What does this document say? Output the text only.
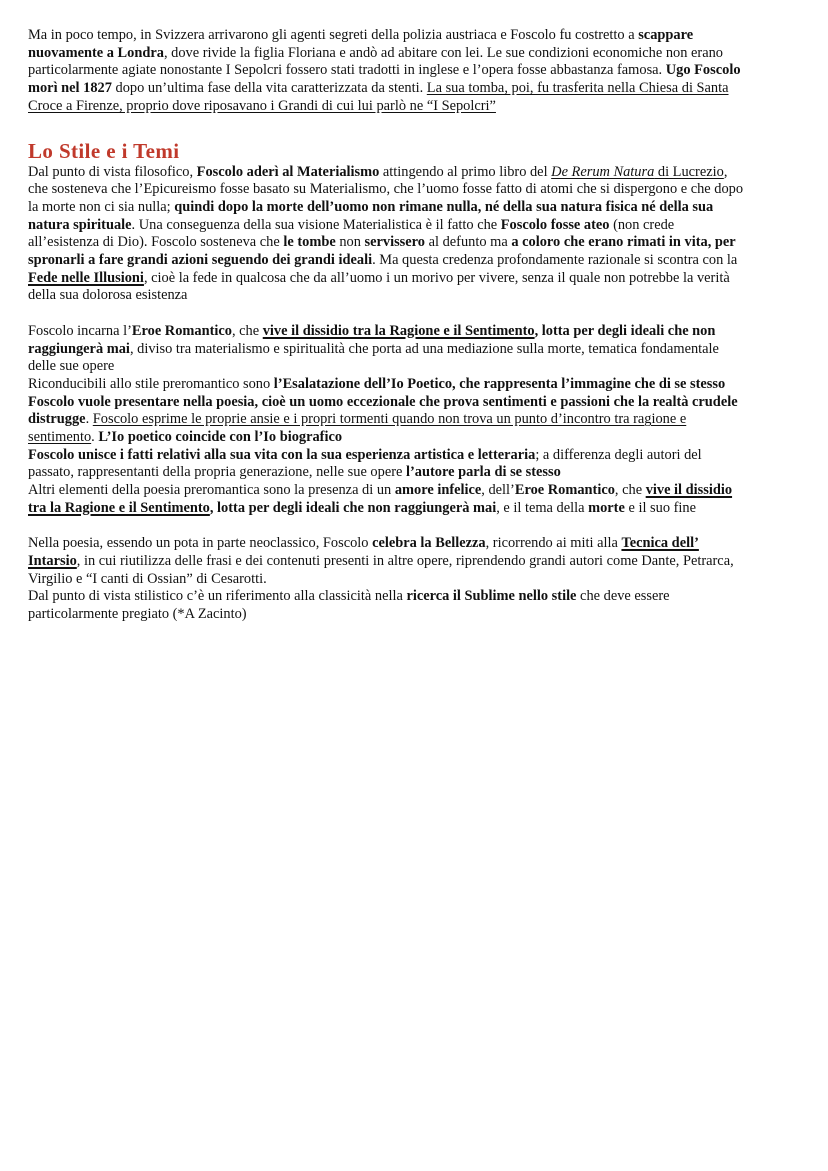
Ma in poco tempo, in Svizzera arrivarono gli agenti segreti della polizia austriaca e Foscolo fu costretto a scappare nuovamente a Londra, dove rivide la figlia Floriana e andò ad abitare con lei. Le sue condizioni economiche non erano particolarmente agiate nonostante I Sepolcri fossero stati tradotti in inglese e l’opera fosse abbastanza famosa. Ugo Foscolo morì nel 1827 dopo un’ultima fase della vita caratterizzata da stenti. La sua tomba, poi, fu trasferita nella Chiesa di Santa Croce a Firenze, proprio dove riposavano i Grandi di cui lui parlò ne “I Sepolcri”

Lo Stile e i Temi

Dal punto di vista filosofico, Foscolo aderì al Materialismo attingendo al primo libro del De Rerum Natura di Lucrezio, che sosteneva che l’Epicureismo fosse basato su Materialismo, che l’uomo fosse fatto di atomi che si dispergono e che dopo la morte non ci sia nulla; quindi dopo la morte dell’uomo non rimane nulla, né della sua natura fisica né della sua natura spirituale. Una conseguenza della sua visione Materialistica è il fatto che Foscolo fosse ateo (non crede all’esistenza di Dio). Foscolo sosteneva che le tombe non servissero al defunto ma a coloro che erano rimati in vita, per spronarli a fare grandi azioni seguendo dei grandi ideali. Ma questa credenza profondamente razionale si scontra con la Fede nelle Illusioni, cioè la fede in qualcosa che da all’uomo i un morivo per vivere, senza il quale non potrebbe la verità della sua dolorosa esistenza

Foscolo incarna l’Eroe Romantico, che vive il dissidio tra la Ragione e il Sentimento, lotta per degli ideali che non raggiungerà mai, diviso tra materialismo e spiritualità che porta ad una mediazione sulla morte, tematica fondamentale delle sue opere

Riconducibili allo stile preromantico sono l’Esalatazione dell’Io Poetico, che rappresenta l’immagine che di se stesso Foscolo vuole presentare nella poesia, cioè un uomo eccezionale che prova sentimenti e passioni che la realtà crudele distrugge. Foscolo esprime le proprie ansie e i propri tormenti quando non trova un punto d’incontro tra ragione e sentimento. L’Io poetico coincide con l’Io biografico

Foscolo unisce i fatti relativi alla sua vita con la sua esperienza artistica e letteraria; a differenza degli autori del passato, rappresentanti della propria generazione, nelle sue opere l’autore parla di se stesso

Altri elementi della poesia preromantica sono la presenza di un amore infelice, dell’Eroe Romantico, che vive il dissidio tra la Ragione e il Sentimento, lotta per degli ideali che non raggiungerà mai, e il tema della morte e il suo fine

Nella poesia, essendo un pota in parte neoclassico, Foscolo celebra la Bellezza, ricorrendo ai miti alla Tecnica dell’ Intarsio, in cui riutilizza delle frasi e dei contenuti presenti in altre opere, riprendendo grandi autori come Dante, Petrarca, Virgilio e “I canti di Ossian” di Cesarotti.

Dal punto di vista stilistico c’è un riferimento alla classicità nella ricerca il Sublime nello stile che deve essere particolarmente pregiato (*A Zacinto)
